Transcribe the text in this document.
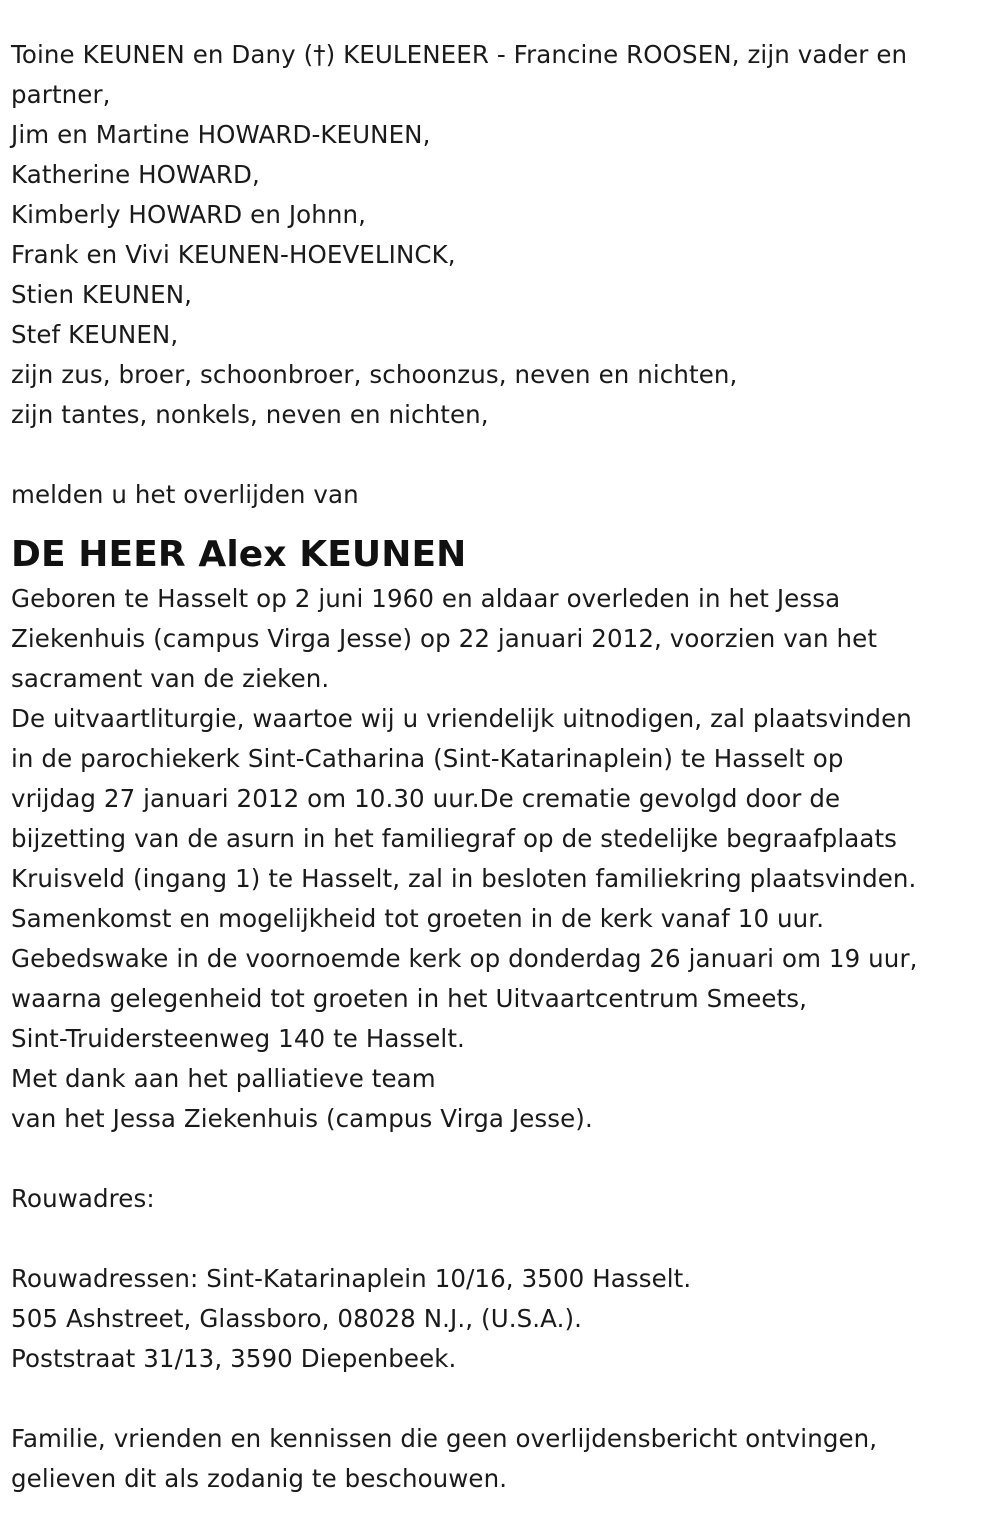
Toine KEUNEN en Dany (†) KEULENEER - Francine ROOSEN, zijn vader en
partner,
Jim en Martine HOWARD-KEUNEN,
Katherine HOWARD,
Kimberly HOWARD en Johnn,
Frank en Vivi KEUNEN-HOEVELINCK,
Stien KEUNEN,
Stef KEUNEN,
zijn zus, broer, schoonbroer, schoonzus, neven en nichten,
zijn tantes, nonkels, neven en nichten,
melden u het overlijden van
DE HEER Alex KEUNEN
Geboren te Hasselt op 2 juni 1960 en aldaar overleden in het Jessa
Ziekenhuis (campus Virga Jesse) op 22 januari 2012, voorzien van het
sacrament van de zieken.
De uitvaartliturgie, waartoe wij u vriendelijk uitnodigen, zal plaatsvinden
in de parochiekerk Sint-Catharina (Sint-Katarinaplein) te Hasselt op
vrijdag 27 januari 2012 om 10.30 uur.De crematie gevolgd door de
bijzetting van de asurn in het familiegraf op de stedelijke begraafplaats
Kruisveld (ingang 1) te Hasselt, zal in besloten familiekring plaatsvinden.
Samenkomst en mogelijkheid tot groeten in de kerk vanaf 10 uur.
Gebedswake in de voornoemde kerk op donderdag 26 januari om 19 uur,
waarna gelegenheid tot groeten in het Uitvaartcentrum Smeets,
Sint-Truidersteenweg 140 te Hasselt.
Met dank aan het palliatieve team
van het Jessa Ziekenhuis (campus Virga Jesse).
Rouwadres:
Rouwadressen: Sint-Katarinaplein 10/16, 3500 Hasselt.
505 Ashstreet, Glassboro, 08028 N.J., (U.S.A.).
Poststraat 31/13, 3590 Diepenbeek.
Familie, vrienden en kennissen die geen overlijdensbericht ontvingen,
gelieven dit als zodanig te beschouwen.
